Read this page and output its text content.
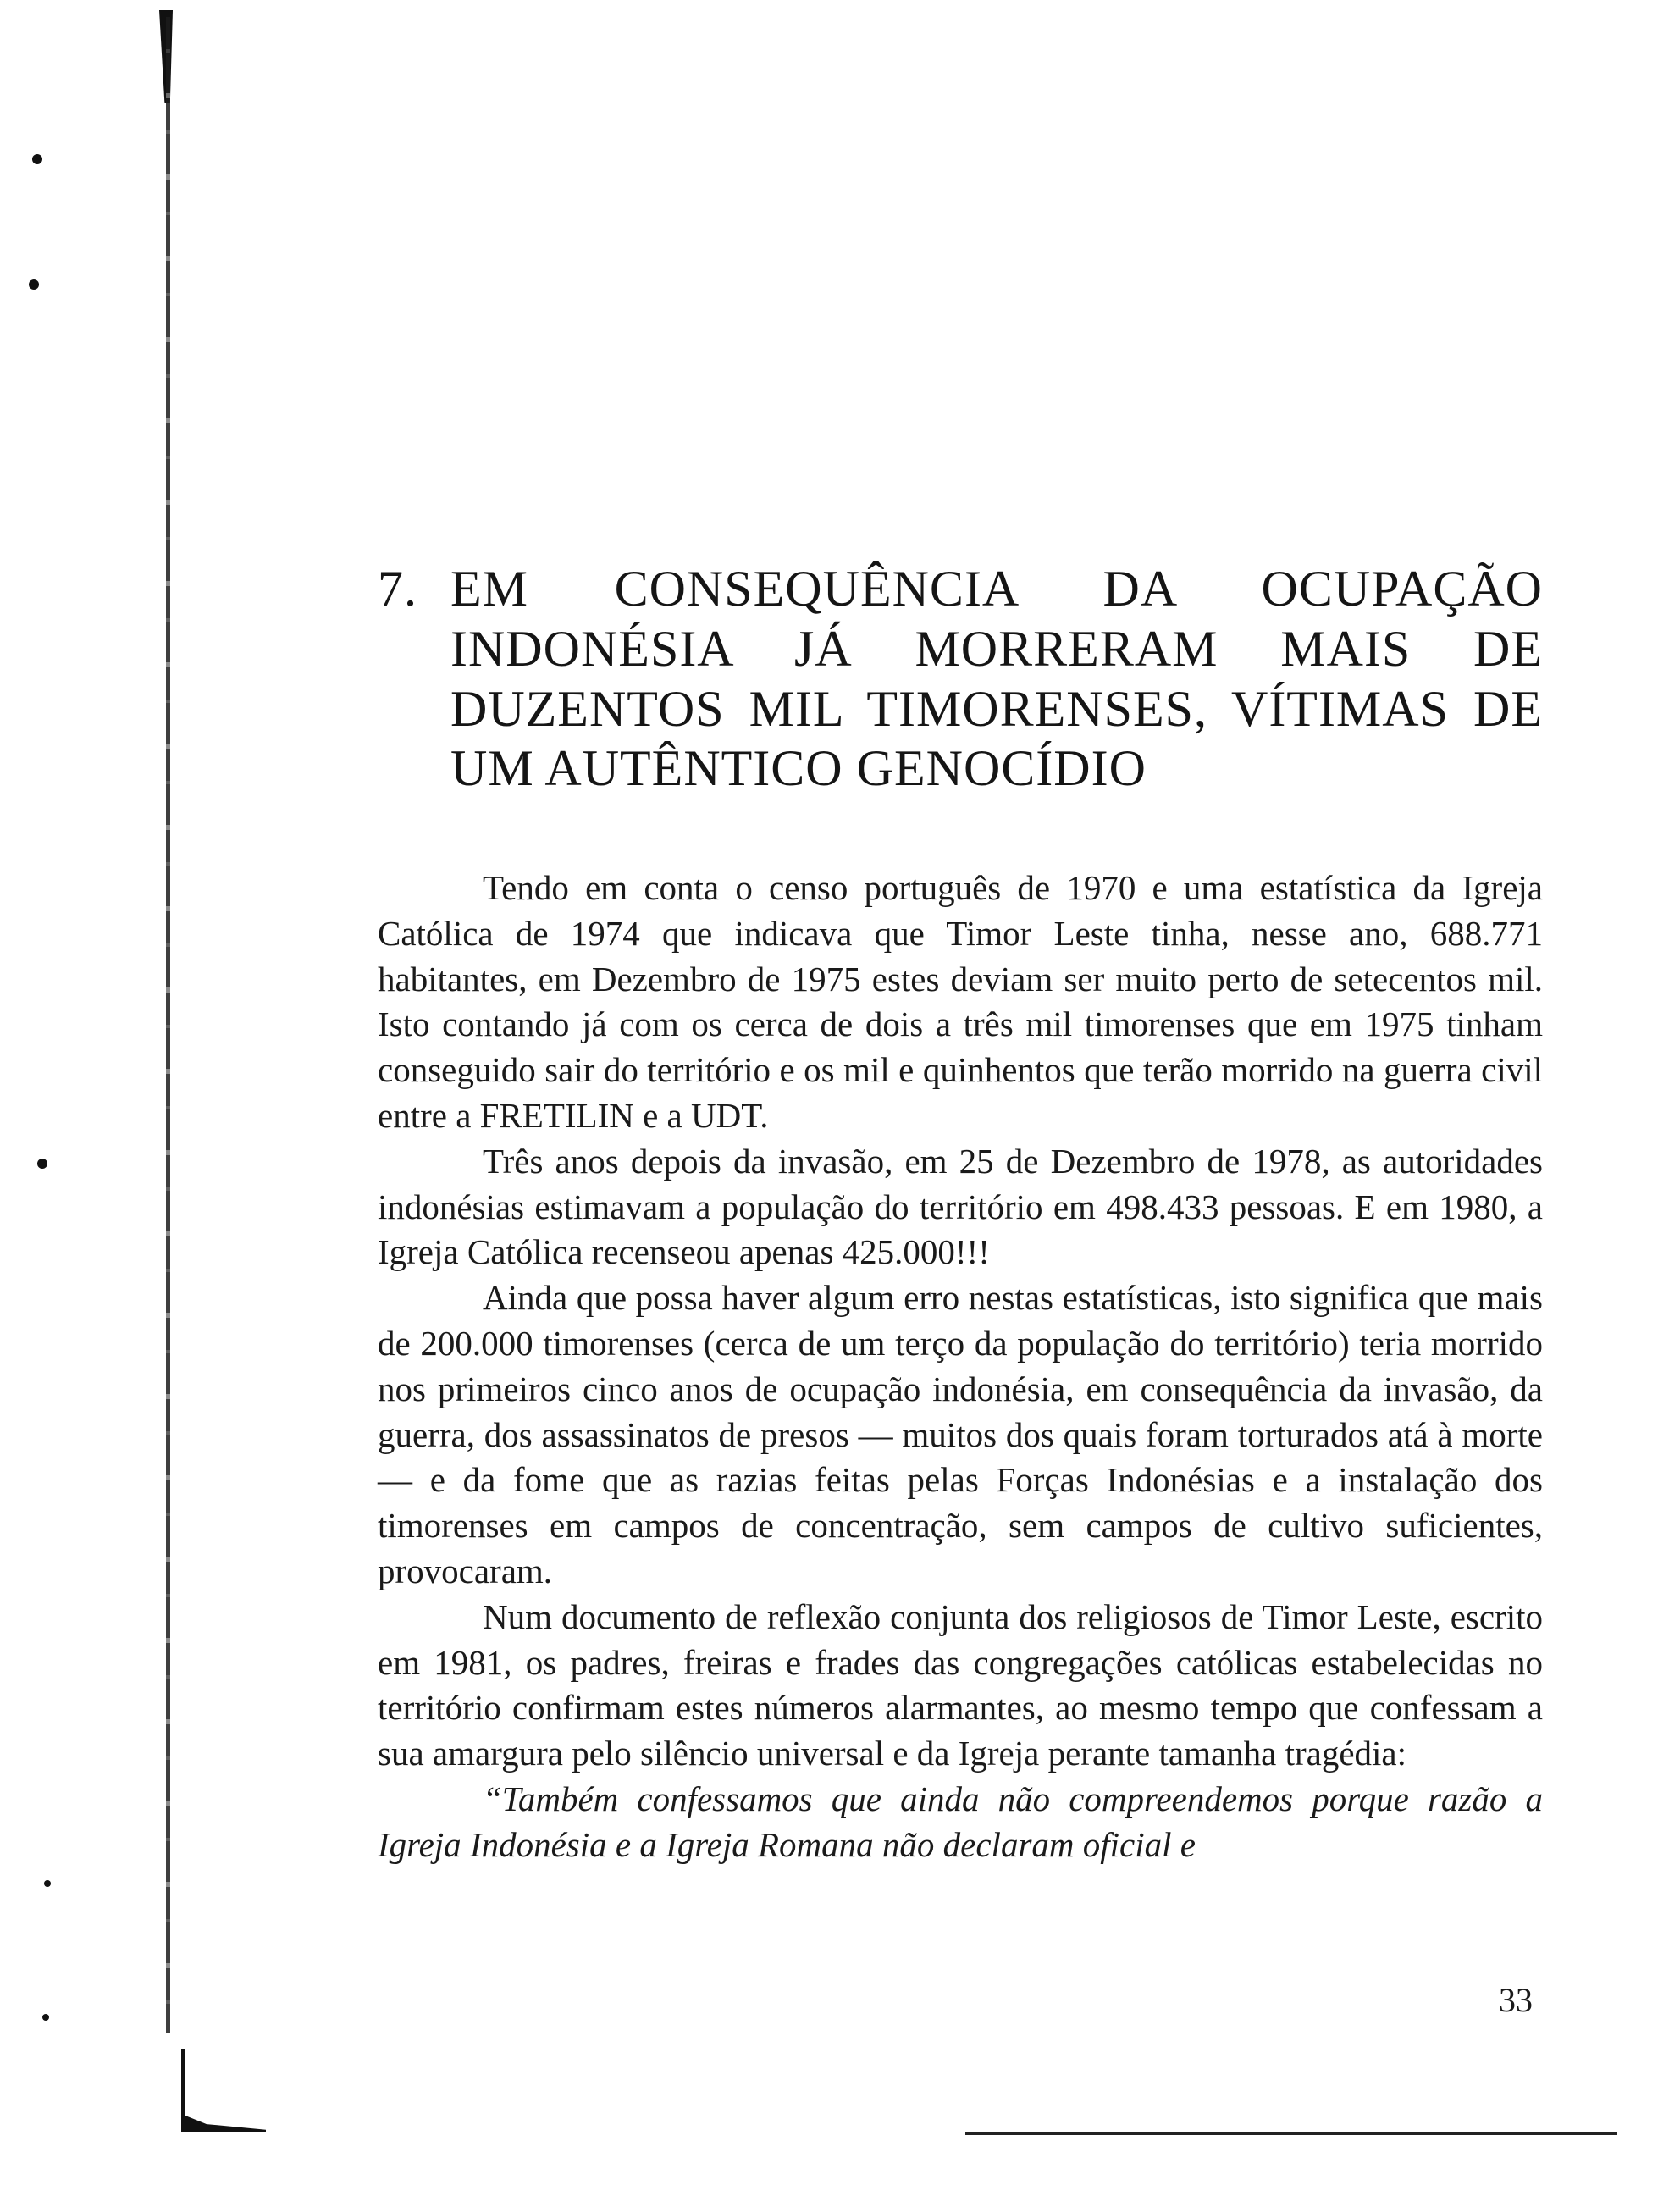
7. EM CONSEQUÊNCIA DA OCUPAÇÃO INDONÉSIA JÁ MORRERAM MAIS DE DUZENTOS MIL TIMORENSES, VÍTIMAS DE UM AUTÊNTICO GENOCÍDIO

Tendo em conta o censo português de 1970 e uma estatística da Igreja Católica de 1974 que indicava que Timor Leste tinha, nesse ano, 688.771 habitantes, em Dezembro de 1975 estes deviam ser muito perto de setecentos mil. Isto contando já com os cerca de dois a três mil timorenses que em 1975 tinham conseguido sair do território e os mil e quinhentos que terão morrido na guerra civil entre a FRETILIN e a UDT.

Três anos depois da invasão, em 25 de Dezembro de 1978, as autoridades indonésias estimavam a população do território em 498.433 pessoas. E em 1980, a Igreja Católica recenseou apenas 425.000!!!

Ainda que possa haver algum erro nestas estatísticas, isto significa que mais de 200.000 timorenses (cerca de um terço da população do território) teria morrido nos primeiros cinco anos de ocupação indonésia, em consequência da invasão, da guerra, dos assassinatos de presos — muitos dos quais foram torturados atá à morte — e da fome que as razias feitas pelas Forças Indonésias e a instalação dos timorenses em campos de concentração, sem campos de cultivo suficientes, provocaram.

Num documento de reflexão conjunta dos religiosos de Timor Leste, escrito em 1981, os padres, freiras e frades das congregações católicas estabelecidas no território confirmam estes números alarmantes, ao mesmo tempo que confessam a sua amargura pelo silêncio universal e da Igreja perante tamanha tragédia:

“Também confessamos que ainda não compreendemos porque razão a Igreja Indonésia e a Igreja Romana não declaram oficial e

33
